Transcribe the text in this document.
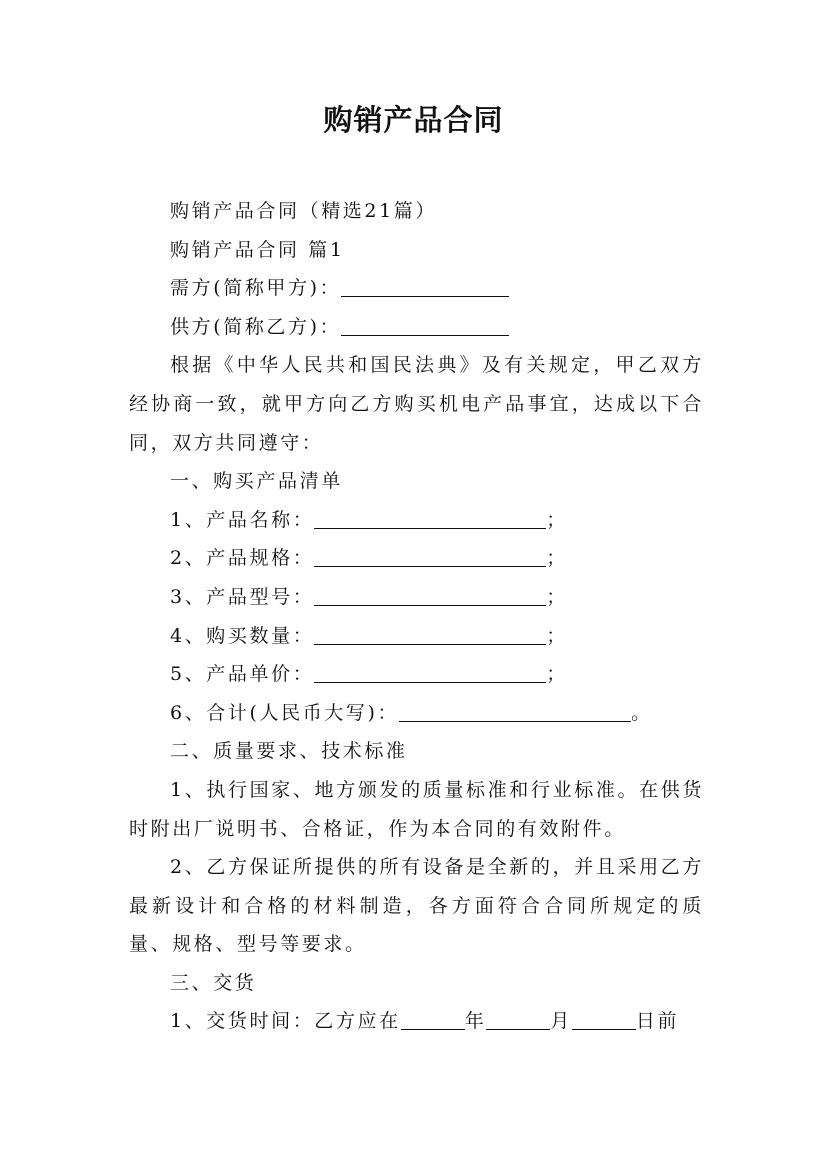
购销产品合同

购销产品合同（精选21篇）

购销产品合同 篇1

需方(简称甲方)：

供方(简称乙方)：

根据《中华人民共和国民法典》及有关规定，甲乙双方经协商一致，就甲方向乙方购买机电产品事宜，达成以下合同，双方共同遵守：

一、购买产品清单

1、产品名称：	；

2、产品规格：	；

3、产品型号：	；

4、购买数量：	；

5、产品单价：	；

6、合计(人民币大写)：	。

二、质量要求、技术标准

1、执行国家、地方颁发的质量标准和行业标准。在供货时附出厂说明书、合格证，作为本合同的有效附件。

2、乙方保证所提供的所有设备是全新的，并且采用乙方最新设计和合格的材料制造，各方面符合合同所规定的质量、规格、型号等要求。

三、交货

1、交货时间：乙方应在	年	月	日前
